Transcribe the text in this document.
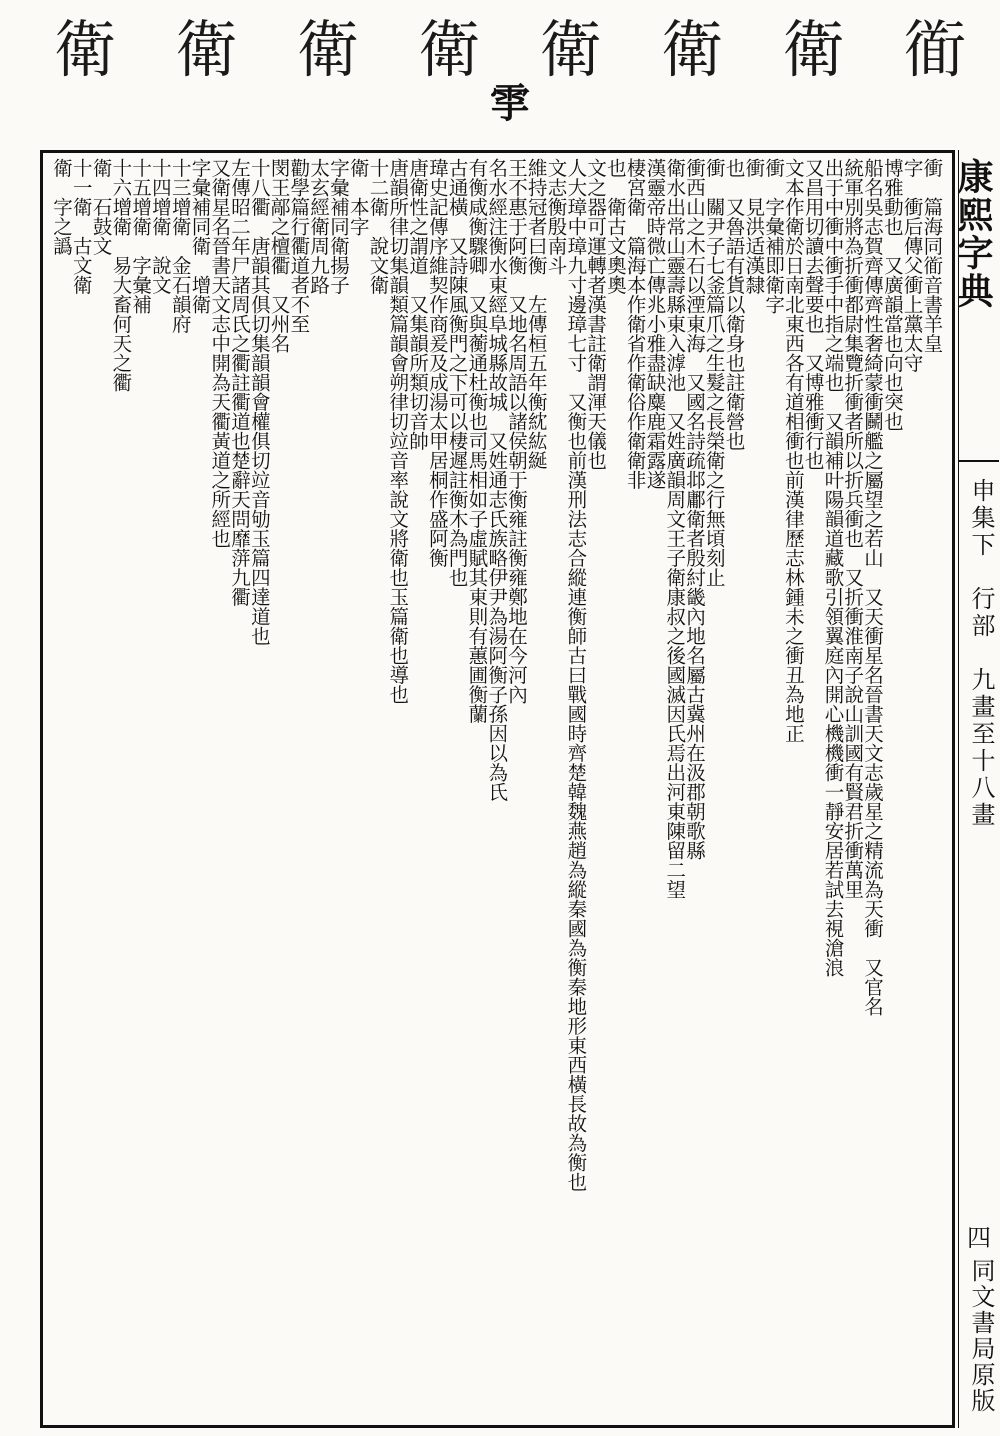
衜
衛
衛
衛
衛
衛
衛
衛
𩁹
衝　篇海同衜音書羊皇
字　衝后傳父衝上黨太守
博雅動也　又廣韻當也向也突也
船名吳志賀齊傳齊性奢綺蒙衝鬭艦之屬望之若山　又天衝星名晉書天文志歲星之精流為天衝　又官名
統軍別將為折衝都尉集覽折衝者所以折兵衝也　又折衝淮南子說山訓國有賢君折衝萬里
出于中衝中衝手中指之端也　又韻補叶陽韻道藏歌引領翼庭內開心機機衝一靜安居若試去視滄浪
又昌用切讀去聲要也　又博雅衝行也
文本作衛於日南北東西各有道相衝也前漢律歷志林鍾未之衝丑為地正
衝　字彙補即衛字
衝　見洪适漢隸
也　又魯語有貨以衛身也註衛營也
衝　關尹子七釜篇爪之生髮之長榮衛之行無頃刻止
衝西山之木石以湮東海　又國名詩疏邶鄘衛者殷紂畿內地名屬古冀州在汲郡朝歌縣
衛水出常山靈壽縣東入滹池　又姓廣韻周文王子衛康叔之後國滅因氏焉出河東陳留二望
漢靈帝時微亡傳兆小雅盡缺麋鹿霜露遂
棲宮衛　篇海本作衛省作衛俗作衛衛非
也　衛古文奧奧
文之器可運轉者漢書註衛謂渾天儀也
人大璋中璋九寸邊璋七寸　又衡也前漢刑法志合縱連衡師古曰戰國時齊楚韓魏燕趙為縱秦國為衡秦地形東西橫長故為衡也
文志衡殷南斗
維持冠者曰衡　左傳桓五年衡紞紘綖
王不惠于阿衡　又地名周語以諸侯朝于衡雍註衡雍鄭地在今河內
名水經注衡水東經阜城縣故城　又姓通志氏族略伊尹為湯阿衡子孫因以為氏
有衡咸衡驟卿　又與蘅通杜衡也司馬相如子虛賦其東則有蕙圃衡蘭
古通橫　又詩陳風衡門之下可以棲遲註衡木為門也
瑋史記傳序維契作商爰及成湯太甲居桐作盛阿衡
唐衛性之謂道　又集韻所類切音帥
唐韻所律切集韻類篇韻會朔律切竝音率說文將衛也玉篇衛也導也
十二衛　說文衛
衛　本字
字彙補同衛揚子
太玄經衛周九路
勸學篇行衢道者不至
閔王鄗之檀衢　又州名
十八衢　唐韻其俱切集韻韻會權俱切竝音劬玉篇四達道也
左傳昭二年尸諸周氏之衢註衢道也楚辭天問靡蓱九衢
又衛星名晉書天文志中開為天衢黃道之所經也
字彙補同衛　增衛
十三增衛　金石韻府
十四增衛　說文
十五增衛　字彙補
十六增衛　易大畜何天之衢
衛　石鼓文
十一衛　古文衛
衛　字之譌	康熙字典
申集下　行部　九畫至十八畫
四
同文書局原版
